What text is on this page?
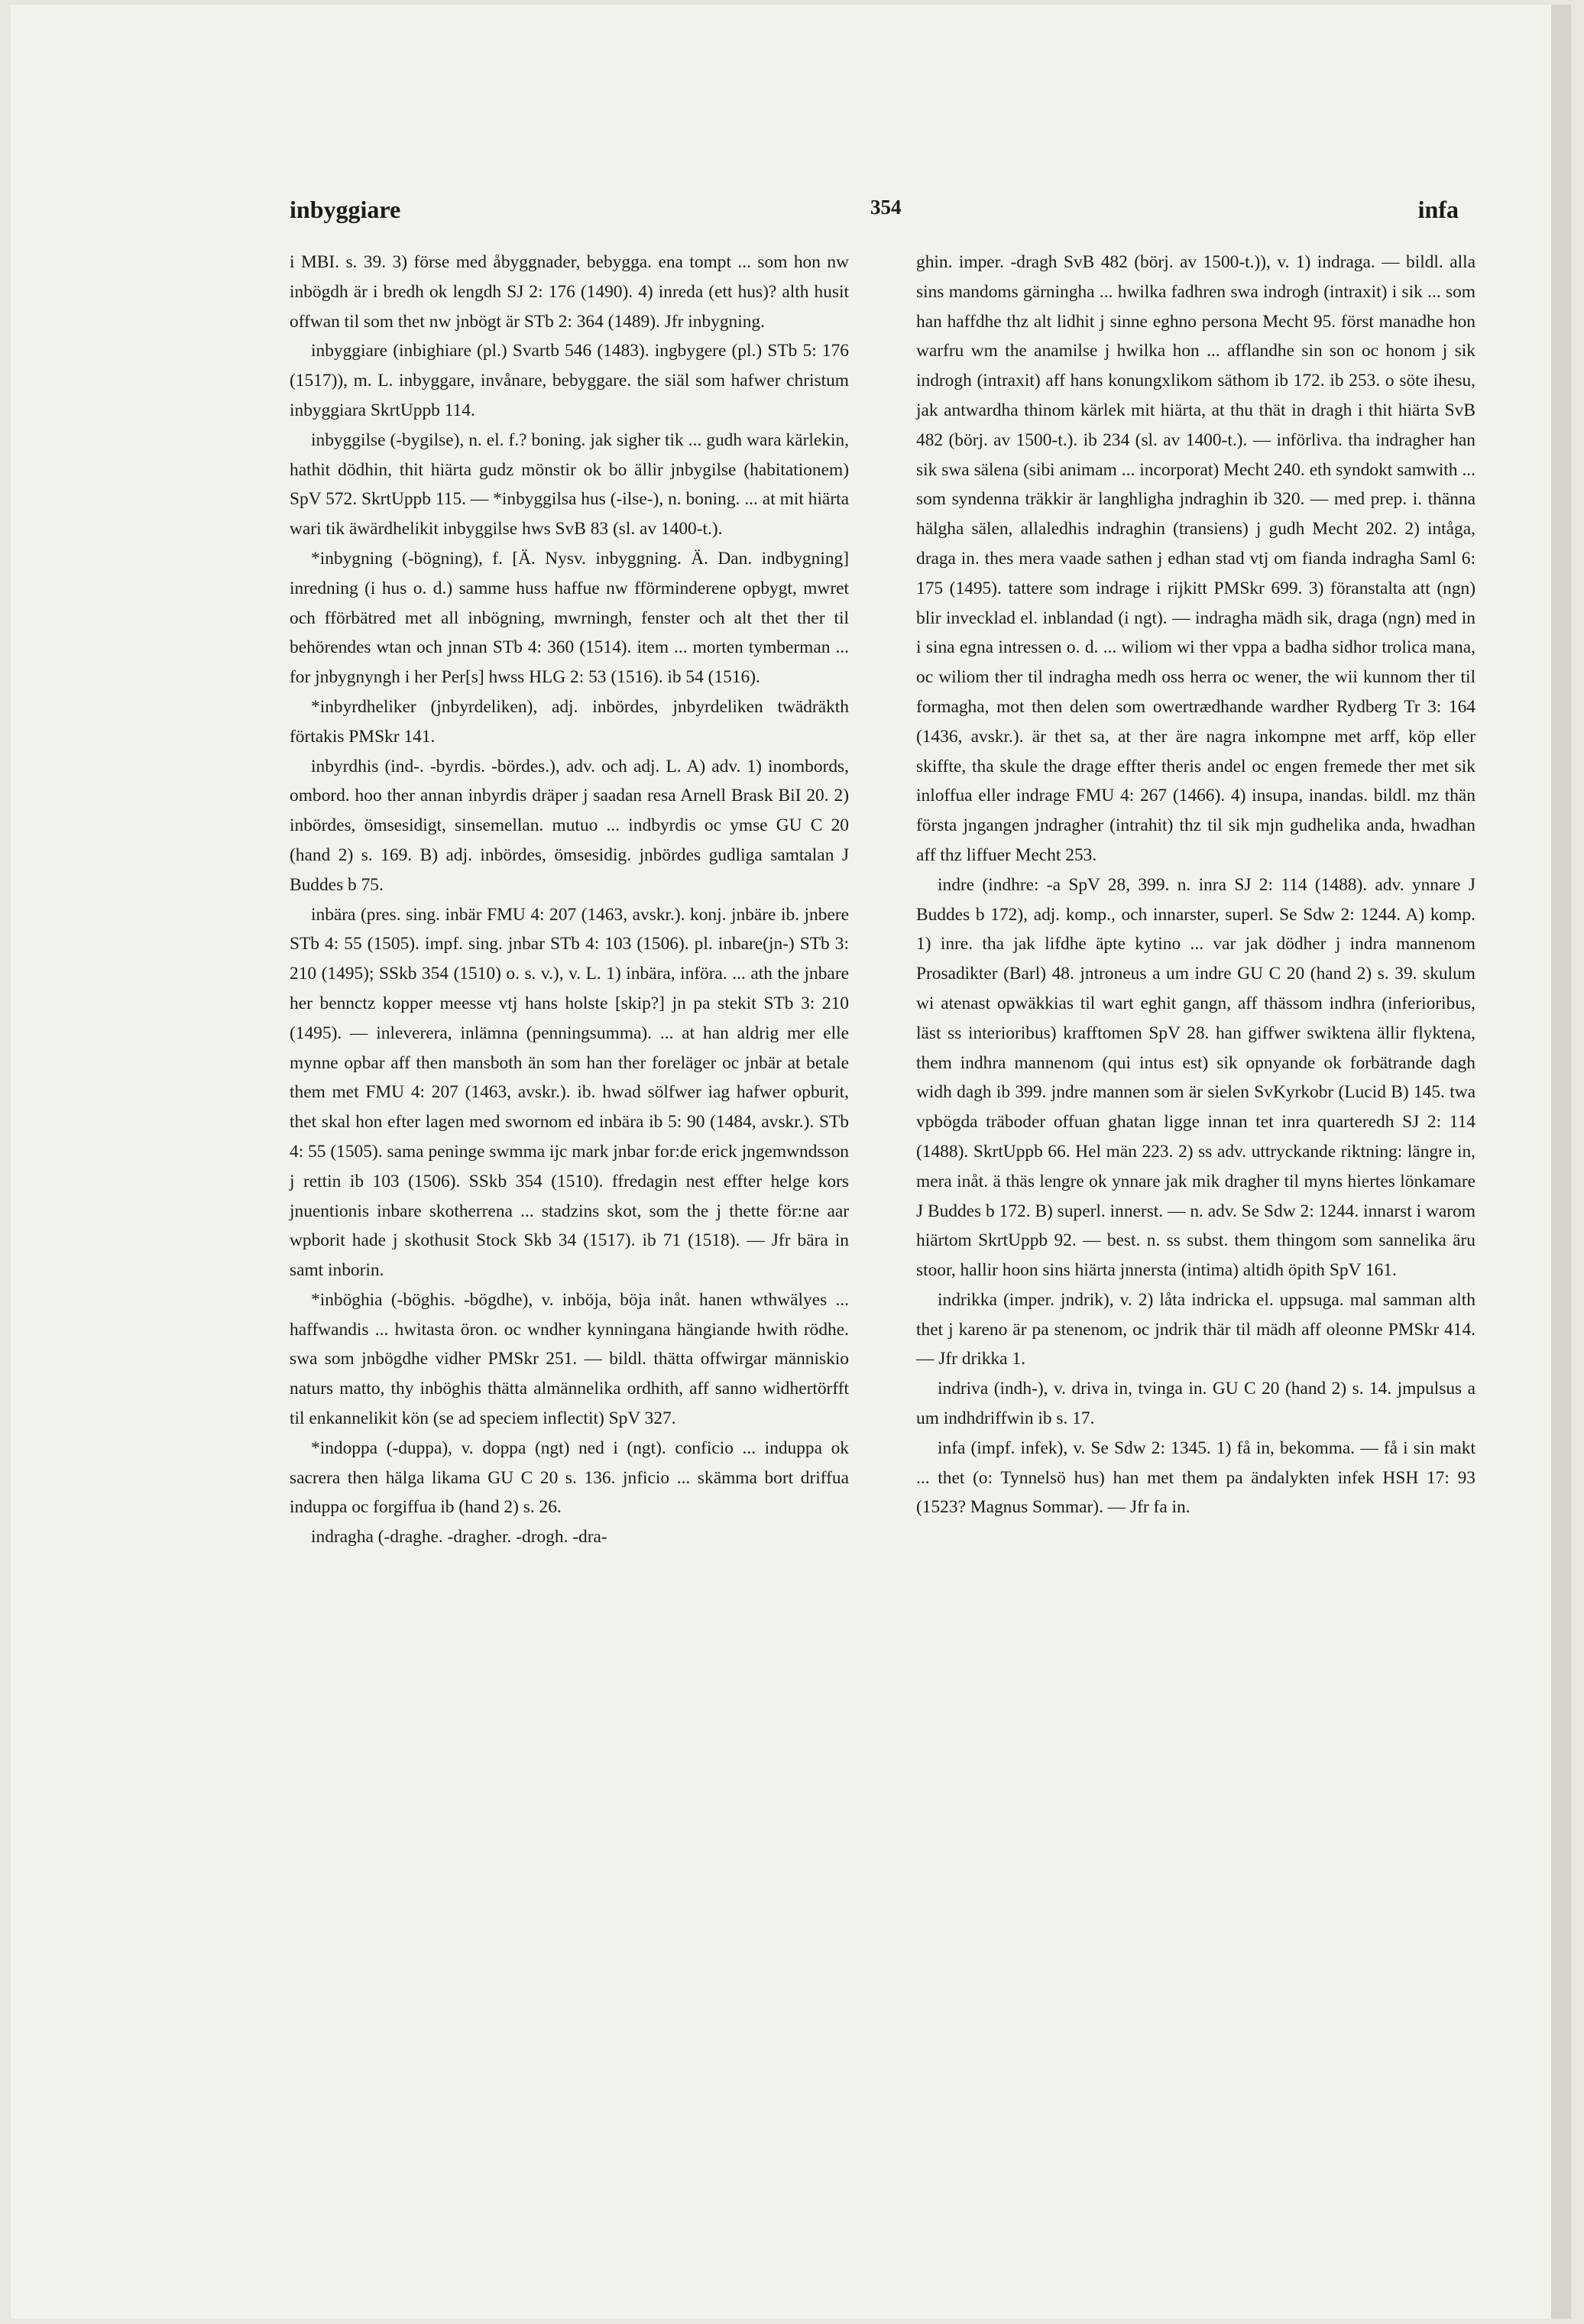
inbyggiare	354	infa

i MBI. s. 39. 3) förse med åbyggnader, bebygga. ena tompt ... som hon nw inbögdh är i bredh ok lengdh SJ 2: 176 (1490). 4) inreda (ett hus)? alth husit offwan til som thet nw jnbögt är STb 2: 364 (1489). Jfr inbygning.

inbyggiare (inbighiare (pl.) Svartb 546 (1483). ingbygere (pl.) STb 5: 176 (1517)), m. L. inbyggare, invånare, bebyggare. the siäl som hafwer christum inbyggiara SkrtUppb 114.

inbyggilse (-bygilse), n. el. f.? boning. jak sigher tik ... gudh wara kärlekin, hathit dödhin, thit hiärta gudz mönstir ok bo ällir jnbygilse (habitationem) SpV 572. SkrtUppb 115. — *inbyggilsa hus (-ilse-), n. boning. ... at mit hiärta wari tik äwärdhelikit inbyggilse hws SvB 83 (sl. av 1400-t.).

*inbygning (-bögning), f. [Ä. Nysv. inbyggning. Ä. Dan. indbygning] inredning (i hus o. d.) samme huss haffue nw fförminderene opbygt, mwret och fförbätred met all inbögning, mwrningh, fenster och alt thet ther til behörendes wtan och jnnan STb 4: 360 (1514). item ... morten tymberman ... for jnbygnyngh i her Per[s] hwss HLG 2: 53 (1516). ib 54 (1516).

*inbyrdheliker (jnbyrdeliken), adj. inbördes, jnbyrdeliken twädräkth förtakis PMSkr 141.

inbyrdhis (ind-. -byrdis. -bördes.), adv. och adj. L. A) adv. 1) inombords, ombord. hoo ther annan inbyrdis dräper j saadan resa Arnell Brask BiI 20. 2) inbördes, ömsesidigt, sinsemellan. mutuo ... indbyrdis oc ymse GU C 20 (hand 2) s. 169. B) adj. inbördes, ömsesidig. jnbördes gudliga samtalan J Buddes b 75.

inbära (pres. sing. inbär FMU 4: 207 (1463, avskr.). konj. jnbäre ib. jnbere STb 4: 55 (1505). impf. sing. jnbar STb 4: 103 (1506). pl. inbare(jn-) STb 3: 210 (1495); SSkb 354 (1510) o. s. v.), v. L. 1) inbära, införa. ... ath the jnbare her bennctz kopper meesse vtj hans holste [skip?] jn pa stekit STb 3: 210 (1495). — inleverera, inlämna (penningsumma). ... at han aldrig mer elle mynne opbar aff then mansboth än som han ther foreläger oc jnbär at betale them met FMU 4: 207 (1463, avskr.). ib. hwad sölfwer iag hafwer opburit, thet skal hon efter lagen med swornom ed inbära ib 5: 90 (1484, avskr.). STb 4: 55 (1505). sama peninge swmma ijc mark jnbar for:de erick jngemwndsson j rettin ib 103 (1506). SSkb 354 (1510). ffredagin nest effter helge kors jnuentionis inbare skotherrena ... stadzins skot, som the j thette för:ne aar wpborit hade j skothusit Stock Skb 34 (1517). ib 71 (1518). — Jfr bära in samt inborin.

*inböghia (-böghis. -bögdhe), v. inböja, böja inåt. hanen wthwälyes ... haffwandis ... hwitasta öron. oc wndher kynningana hängiande hwith rödhe. swa som jnbögdhe vidher PMSkr 251. — bildl. thätta offwirgar människio naturs matto, thy inböghis thätta almännelika ordhith, aff sanno widhertörfft til enkannelikit kön (se ad speciem inflectit) SpV 327.

*indoppa (-duppa), v. doppa (ngt) ned i (ngt). conficio ... induppa ok sacrera then hälga likama GU C 20 s. 136. jnficio ... skämma bort driffua induppa oc forgiffua ib (hand 2) s. 26.

indragha (-draghe. -dragher. -drogh. -dra-

ghin. imper. -dragh SvB 482 (börj. av 1500-t.)), v. 1) indraga. — bildl. alla sins mandoms gärningha ... hwilka fadhren swa indrogh (intraxit) i sik ... som han haffdhe thz alt lidhit j sinne eghno persona Mecht 95. först manadhe hon warfru wm the anamilse j hwilka hon ... afflandhe sin son oc honom j sik indrogh (intraxit) aff hans konungxlikom säthom ib 172. ib 253. o söte ihesu, jak antwardha thinom kärlek mit hiärta, at thu thät in dragh i thit hiärta SvB 482 (börj. av 1500-t.). ib 234 (sl. av 1400-t.). — införliva. tha indragher han sik swa sälena (sibi animam ... incorporat) Mecht 240. eth syndokt samwith ... som syndenna träkkir är langhligha jndraghin ib 320. — med prep. i. thänna hälgha sälen, allaledhis indraghin (transiens) j gudh Mecht 202. 2) intåga, draga in. thes mera vaade sathen j edhan stad vtj om fianda indragha Saml 6: 175 (1495). tattere som indrage i rijkitt PMSkr 699. 3) föranstalta att (ngn) blir invecklad el. inblandad (i ngt). — indragha mädh sik, draga (ngn) med in i sina egna intressen o. d. ... wiliom wi ther vppa a badha sidhor trolica mana, oc wiliom ther til indragha medh oss herra oc wener, the wii kunnom ther til formagha, mot then delen som owertrædhande wardher Rydberg Tr 3: 164 (1436, avskr.). är thet sa, at ther äre nagra inkompne met arff, köp eller skiffte, tha skule the drage effter theris andel oc engen fremede ther met sik inloffua eller indrage FMU 4: 267 (1466). 4) insupa, inandas. bildl. mz thän första jngangen jndragher (intrahit) thz til sik mjn gudhelika anda, hwadhan aff thz liffuer Mecht 253.

indre (indhre: -a SpV 28, 399. n. inra SJ 2: 114 (1488). adv. ynnare J Buddes b 172), adj. komp., och innarster, superl. Se Sdw 2: 1244. A) komp. 1) inre. tha jak lifdhe äpte kytino ... var jak dödher j indra mannenom Prosadikter (Barl) 48. jntroneus a um indre GU C 20 (hand 2) s. 39. skulum wi atenast opwäkkias til wart eghit gangn, aff thässom indhra (inferioribus, läst ss interioribus) krafftomen SpV 28. han giffwer swiktena ällir flyktena, them indhra mannenom (qui intus est) sik opnyande ok forbätrande dagh widh dagh ib 399. jndre mannen som är sielen SvKyrkobr (Lucid B) 145. twa vpbögda träboder offuan ghatan ligge innan tet inra quarteredh SJ 2: 114 (1488). SkrtUppb 66. Hel män 223. 2) ss adv. uttryckande riktning: längre in, mera inåt. ä thäs lengre ok ynnare jak mik dragher til myns hiertes lönkamare J Buddes b 172. B) superl. innerst. — n. adv. Se Sdw 2: 1244. innarst i warom hiärtom SkrtUppb 92. — best. n. ss subst. them thingom som sannelika äru stoor, hallir hoon sins hiärta jnnersta (intima) altidh öpith SpV 161.

indrikka (imper. jndrik), v. 2) låta indricka el. uppsuga. mal samman alth thet j kareno är pa stenenom, oc jndrik thär til mädh aff oleonne PMSkr 414. — Jfr drikka 1.

indriva (indh-), v. driva in, tvinga in. GU C 20 (hand 2) s. 14. jmpulsus a um indhdriffwin ib s. 17.

infa (impf. infek), v. Se Sdw 2: 1345. 1) få in, bekomma. — få i sin makt ... thet (o: Tynnelsö hus) han met them pa ändalykten infek HSH 17: 93 (1523? Magnus Sommar). — Jfr fa in.
